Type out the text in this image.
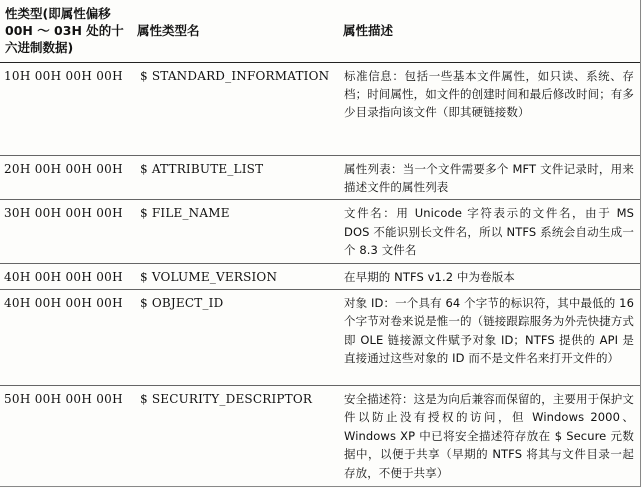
性类型(即属性偏移 00H ～ 03H 处的十六进制数据)	属性类型名	属性描述
10H 00H 00H 00H	$ STANDARD_INFORMATION	标准信息：包括一些基本文件属性，如只读、系统、存档；时间属性，如文件的创建时间和最后修改时间；有多少目录指向该文件（即其硬链接数）
20H 00H 00H 00H	$ ATTRIBUTE_LIST	属性列表：当一个文件需要多个 MFT 文件记录时，用来描述文件的属性列表
30H 00H 00H 00H	$ FILE_NAME	文件名：用 Unicode 字符表示的文件名，由于 MS DOS 不能识别长文件名，所以 NTFS 系统会自动生成一个 8.3 文件名
40H 00H 00H 00H	$ VOLUME_VERSION	在早期的 NTFS v1.2 中为卷版本
40H 00H 00H 00H	$ OBJECT_ID	对象 ID：一个具有 64 个字节的标识符，其中最低的 16 个字节对卷来说是惟一的（链接跟踪服务为外壳快捷方式即 OLE 链接源文件赋予对象 ID；NTFS 提供的 API 是直接通过这些对象的 ID 而不是文件名来打开文件的）
50H 00H 00H 00H	$ SECURITY_DESCRIPTOR	安全描述符：这是为向后兼容而保留的，主要用于保护文件以防止没有授权的访问，但 Windows 2000、Windows XP 中已将安全描述符存放在 $ Secure 元数据中，以便于共享（早期的 NTFS 将其与文件目录一起存放，不便于共享）
